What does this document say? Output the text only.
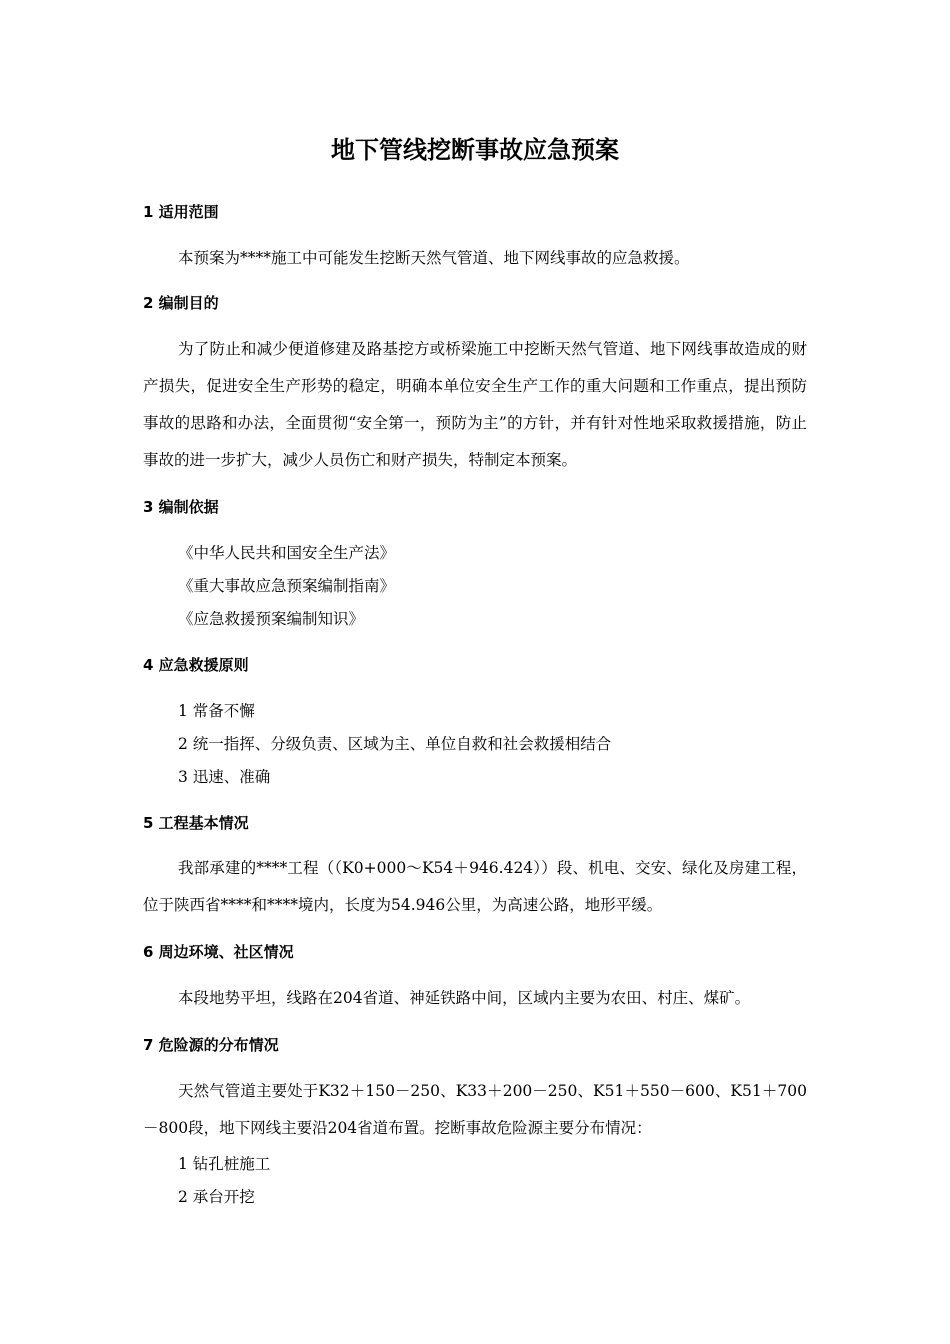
地下管线挖断事故应急预案
1 适用范围

本预案为****施工中可能发生挖断天然气管道、地下网线事故的应急救援。

2 编制目的

为了防止和减少便道修建及路基挖方或桥梁施工中挖断天然气管道、地下网线事故造成的财产损失，促进安全生产形势的稳定，明确本单位安全生产工作的重大问题和工作重点，提出预防事故的思路和办法，全面贯彻“安全第一，预防为主”的方针，并有针对性地采取救援措施，防止事故的进一步扩大，减少人员伤亡和财产损失，特制定本预案。

3 编制依据

《中华人民共和国安全生产法》

《重大事故应急预案编制指南》

《应急救援预案编制知识》

4 应急救援原则

1 常备不懈

2 统一指挥、分级负责、区域为主、单位自救和社会救援相结合

3 迅速、准确

5 工程基本情况

我部承建的****工程（（K0+000～K54＋946.424））段、机电、交安、绿化及房建工程，位于陕西省****和****境内，长度为54.946公里，为高速公路，地形平缓。

6 周边环境、社区情况

本段地势平坦，线路在204省道、神延铁路中间，区域内主要为农田、村庄、煤矿。

7 危险源的分布情况

天然气管道主要处于K32＋150－250、K33＋200－250、K51＋550－600、K51＋700－800段，地下网线主要沿204省道布置。挖断事故危险源主要分布情况：

1 钻孔桩施工

2 承台开挖
